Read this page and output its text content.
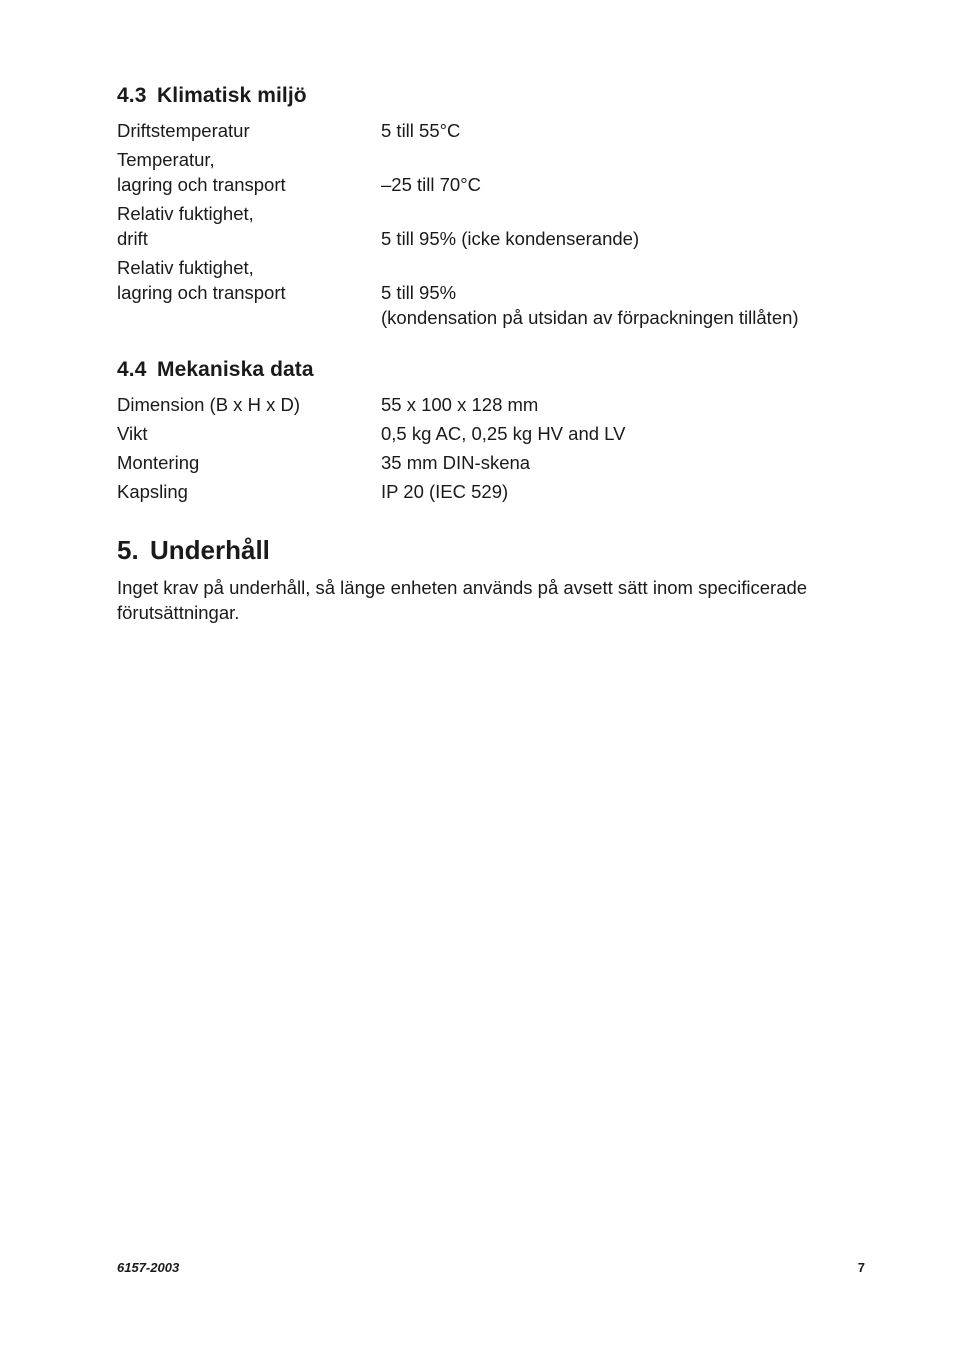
4.3 Klimatisk miljö
Driftstemperatur	5 till 55°C
Temperatur,
lagring och transport
	–25 till 70°C
Relativ fuktighet,
drift
	5 till 95% (icke kondenserande)
Relativ fuktighet,
lagring och transport
	5 till 95%
(kondensation på utsidan av förpackningen tillåten)
4.4 Mekaniska data
Dimension (B x H x D)	55 x 100 x 128 mm
Vikt	0,5 kg AC, 0,25 kg HV and LV
Montering	35 mm DIN-skena
Kapsling	IP 20 (IEC 529)
5. Underhåll
Inget krav på underhåll, så länge enheten används på avsett sätt inom specificerade
förutsättningar.
6157-2003	7
